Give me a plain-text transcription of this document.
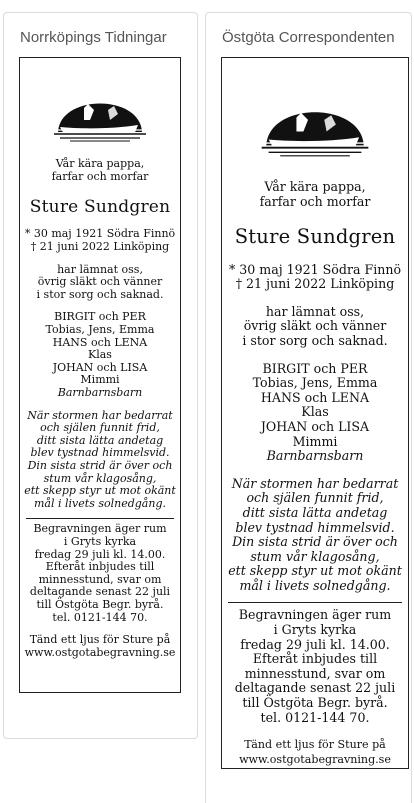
Norrköpings Tidningar
Vår kära pappa,
farfar och morfar
Sture Sundgren
* 30 maj 1921 Södra Finnö
† 21 juni 2022 Linköping
har lämnat oss,
övrig släkt och vänner
i stor sorg och saknad.
BIRGIT och PER
Tobias, Jens, Emma
HANS och LENA
Klas
JOHAN och LISA
Mimmi
Barnbarnsbarn
När stormen har bedarrat
och själen funnit frid,
ditt sista lätta andetag
blev tystnad himmelsvid.
Din sista strid är över och
stum vår klagosång,
ett skepp styr ut mot okänt
mål i livets solnedgång.
Begravningen äger rum
i Gryts kyrka
fredag 29 juli kl. 14.00.
Efteråt inbjudes till
minnesstund, svar om
deltagande senast 22 juli
till Östgöta Begr. byrå.
tel. 0121-144 70.
Tänd ett ljus för Sture på
www.ostgotabegravning.se
Östgöta Correspondenten
Vår kära pappa,
farfar och morfar
Sture Sundgren
* 30 maj 1921 Södra Finnö
† 21 juni 2022 Linköping
har lämnat oss,
övrig släkt och vänner
i stor sorg och saknad.
BIRGIT och PER
Tobias, Jens, Emma
HANS och LENA
Klas
JOHAN och LISA
Mimmi
Barnbarnsbarn
När stormen har bedarrat
och själen funnit frid,
ditt sista lätta andetag
blev tystnad himmelsvid.
Din sista strid är över och
stum vår klagosång,
ett skepp styr ut mot okänt
mål i livets solnedgång.
Begravningen äger rum
i Gryts kyrka
fredag 29 juli kl. 14.00.
Efteråt inbjudes till
minnesstund, svar om
deltagande senast 22 juli
till Östgöta Begr. byrå.
tel. 0121-144 70.
Tänd ett ljus för Sture på
www.ostgotabegravning.se
